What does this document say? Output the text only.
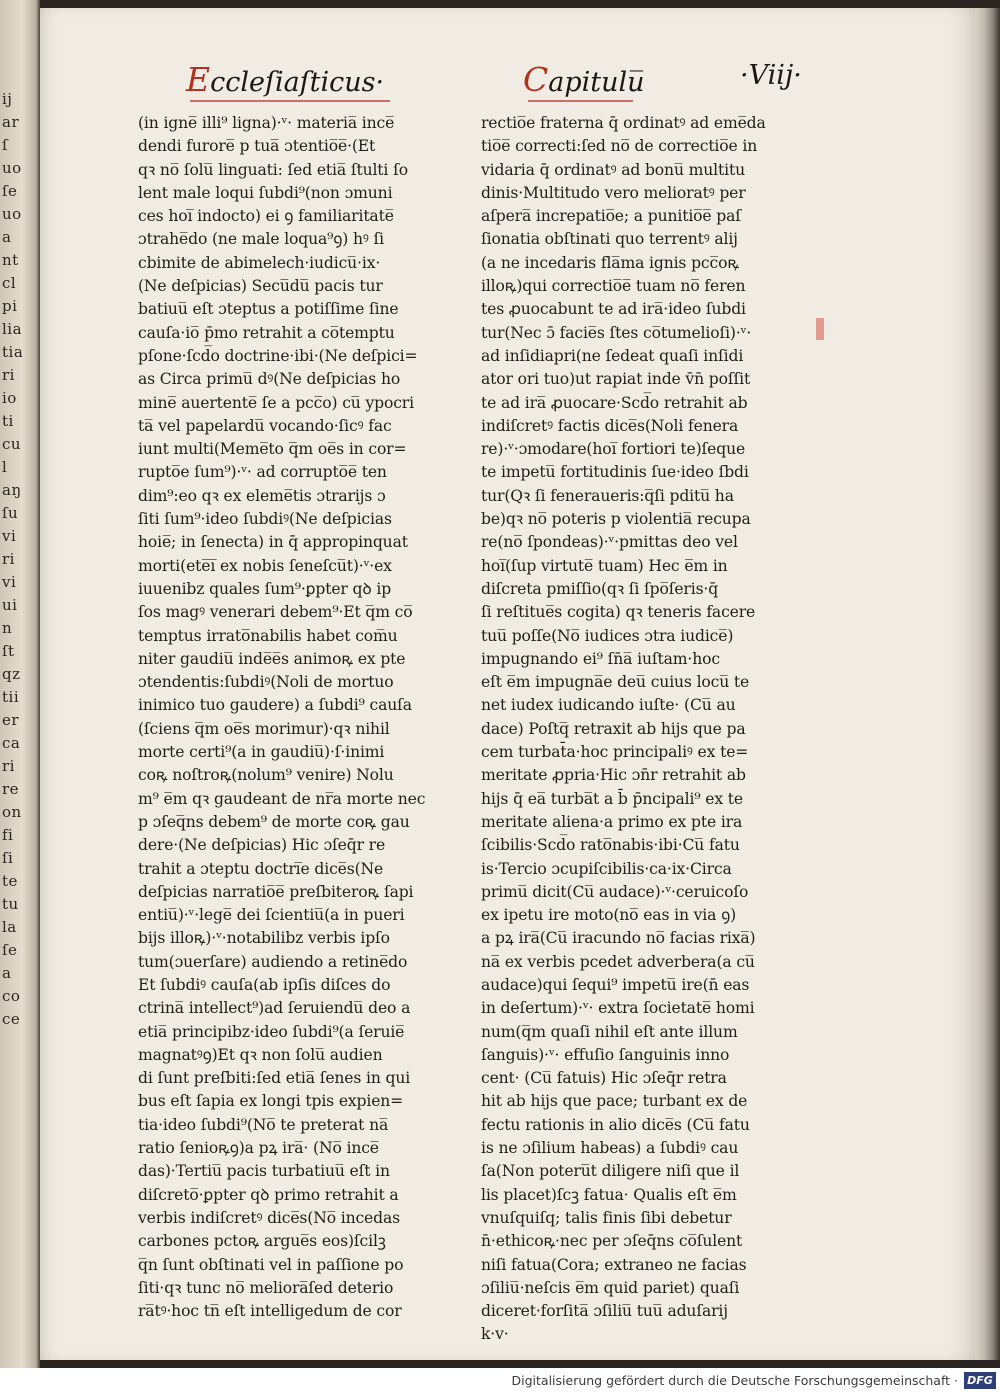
ij
ar
ſ
uo
ſe
uo
a
nt
cl
pi
lia
tia
ri
io
ti
cu
l
aŋ
ſu
vi
ri
vi
ui
n
ſt
qz
tii
er
ca
ri
re
on
fi
ſi
te
tu
la
ſe
a
co
ce
Eccleſiaſticus·	Capitulu̅	·Viij·
(in igne̅ illi⁹ ligna)·ᵛ· materia̅ ince̅
dendi furore̅ p tua̅ ɔtentio̅e̅·(Et
qꝛ no̅ ſolu̅ linguati: ſed etia̅ ſtulti ſo
lent male loqui ſubdi⁹(non ɔmuni
ces hoi̅ indocto) ei ꝯ familiaritate̅
ɔtrahe̅do (ne male loqua⁹ꝯ) hꝰ ſi
cbimite de abimelech·iudicu̅·ix·
(Ne deſpicias) Secu̅du̅ pacis tur
batiuu̅ eſt ɔteptus a potiſſime ſine
cauſa·io̅ p̄mo retrahit a co̅temptu
pſone·ſcd̅o doctrine·ibi·(Ne deſpici=
as Circa primu̅ dꝰ(Ne deſpicias ho
mine̅ auertente̅ ſe a pcc̅o) cu̅ ypocri
ta̅ vel papelardu̅ vocando·ſicꝰ fac
iunt multi(Meme̅to q̅m oe̅s in cor=
rupto̅e ſum⁹)·ᵛ· ad corrupto̅e̅ ten
dim⁹:eo qꝛ ex eleme̅tis ɔtrarijs ɔ
ſiti ſum⁹·ideo ſubdiꝰ(Ne deſpicias
hoie̅; in ſenecta) in q̄ appropinquat
morti(ete̅i̅ ex nobis ſeneſcu̅t)·ᵛ·ex
iuuenibz quales ſum⁹·ꝑpter qꝺ ip
ſos magꝰ venerari debem⁹·Et q̅m co̅
temptus irrato̅nabilis habet com̅u
niter gaudiu̅ inde̅e̅s animoꝶ ex pte
ɔtendentis:ſubdiꝰ(Noli de mortuo
inimico tuo gaudere) a ſubdi⁹ cauſa
(ſciens q̅m oe̅s morimur)·qꝛ nihil
morte certi⁹(a in gaudiu̅)·ſ·inimi
coꝶ noſtroꝶ(nolum⁹ venire) Nolu
m⁹ e̅m qꝛ gaudeant de nr̅a morte nec
p ɔſeq̅ns debem⁹ de morte coꝶ gau
dere·(Ne deſpicias) Hic ɔſeq̄r re
trahit a ɔteptu doctri̅e dice̅s(Ne
deſpicias narratio̅e̅ preſbiteroꝶ ſapi
entiu̅)·ᵛ·lege̅ dei ſcientiu̅(a in pueri
bijs illoꝶ)·ᵛ·notabilibz verbis ipſo
tum(ɔuerſare) audiendo a retine̅do
Et ſubdiꝰ cauſa(ab ipſis diſces do
ctrina̅ intellect⁹)ad ſeruiendu̅ deo a
etia̅ principibz·ideo ſubdi⁹(a ſeruie̅
magnatꝰꝯ)Et qꝛ non ſolu̅ audien
di ſunt preſbiti:ſed etia̅ ſenes in qui
bus eſt ſapia ex longi tpis expien=
tia·ideo ſubdi⁹(No̅ te preterat na̅
ratio ſenioꝶꝯ)a pꝝ ira̅· (No̅ ince̅
das)·Tertiu̅ pacis turbatiuu̅ eſt in
diſcreto̅·ꝑpter qꝺ primo retrahit a
verbis indiſcretꝰ dice̅s(No̅ incedas
carbones pctoꝶ argue̅s eos)ſcilꝫ
q̅n ſunt obſtinati vel in paſſione po
ſiti·qꝛ tunc no̅ meliora̅ſed deterio
ra̅tꝰ·hoc tn̅ eſt intelligedum de cor
rectio̅e fraterna q̄ ordinatꝰ ad eme̅da
tio̅e̅ correcti:ſed no̅ de correctio̅e in
vidaria q̄ ordinatꝰ ad bonu̅ multitu
dinis·Multitudo vero melioratꝰ per
aſpera̅ increpatio̅e; a punitio̅e̅ paſ
ſionatia obſtinati quo terrentꝰ alij
(a ne incedaris fla̅ma ignis pcc̅oꝶ
illoꝶ)qui correctio̅e̅ tuam no̅ feren
tes ꝓuocabunt te ad ira̅·ideo ſubdi
tur(Nec ɔ̄ facie̅s ſtes co̅tumelioſi)·ᵛ·
ad inſidiapri(ne ſedeat quaſi inſidi
ator ori tuo)ut rapiat inde v̄n̄ poſſit
te ad ira̅ ꝓuocare·Scd̅o retrahit ab
indiſcretꝰ factis dice̅s(Noli fenera
re)·ᵛ·ɔmodare(hoi̅ fortiori te)ſeque
te impetu̅ fortitudinis ſue·ideo ſbdi
tur(Qꝛ ſi feneraueris:q̅ſi pditu̅ ha
be)qꝛ no̅ poteris p violentia̅ recupa
re(no̅ ſpondeas)·ᵛ·pmittas deo vel
hoi̅(ſup virtute̅ tuam) Hec e̅m in
diſcreta pmiſſio(qꝛ ſi ſpo̅ſeris·q̄
ſi reſtitue̅s cogita) qꝛ teneris facere
tuu̅ poſſe(No̅ iudices ɔtra iudice̅)
impugnando ei⁹ ſn̄a̅ iuſtam·hoc
eſt e̅m impugna̅e deu̅ cuius locu̅ te
net iudex iudicando iuſte· (Cu̅ au
dace) Poſtq̅ retraxit ab hijs que pa
cem turbat̄a·hoc principaliꝰ ex te=
meritate ꝓpria·Hic ɔn̄r retrahit ab
hijs q̄ ea̅ turba̅t a b̄ p̄ncipali⁹ ex te
meritate aliena·a primo ex pte ira
ſcibilis·Scd̅o rato̅nabis·ibi·Cu̅ fatu
is·Tercio ɔcupiſcibilis·ca·ix·Circa
primu̅ dicit(Cu̅ audace)·ᵛ·ceruicoſo
ex ipetu ire moto(no̅ eas in via ꝯ)
a pꝝ ira̅(Cu̅ iracundo no̅ facias rixa̅)
na̅ ex verbis pcedet adverbera(a cu̅
audace)qui ſequi⁹ impetu̅ ire(n̄ eas
in deſertum)·ᵛ· extra ſocietate̅ homi
num(q̅m quaſi nihil eſt ante illum
ſanguis)·ᵛ· effuſio ſanguinis inno
cent· (Cu̅ fatuis) Hic ɔſeq̄r retra
hit ab hijs que pace; turbant ex de
fectu rationis in alio dice̅s (Cu̅ fatu
is ne ɔſilium habeas) a ſubdiꝰ cau
ſa(Non poteru̅t diligere niſi que il
lis placet)ſcꝫ fatua· Qualis eſt e̅m
vnuſquiſq; talis finis ſibi debetur
n̄·ethicoꝶ·nec per ɔſeq̄ns co̅ſulent
niſi fatua(Cora; extraneo ne facias
ɔſiliu̅·neſcis e̅m quid pariet) quaſi
diceret·forſita̅ ɔſiliu̅ tuu̅ aduſarij
k·v·
Digitalisierung gefördert durch die Deutsche Forschungsgemeinschaft · DFG
